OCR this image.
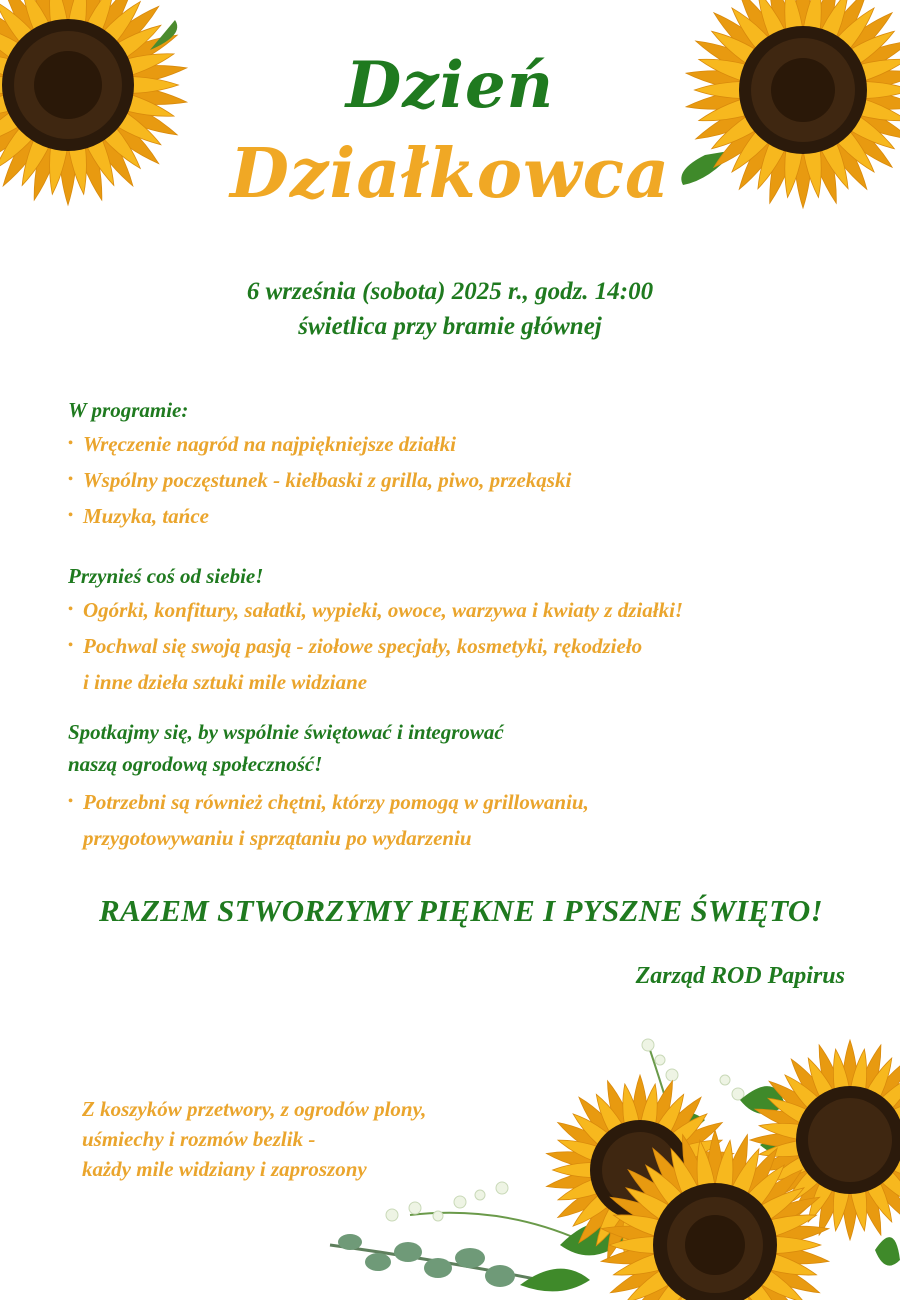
Dzień
Działkowca
6 września (sobota) 2025 r., godz. 14:00
świetlica przy bramie głównej
W programie:
• Wręczenie nagród na najpiękniejsze działki
• Wspólny poczęstunek - kiełbaski z grilla, piwo, przekąski
• Muzyka, tańce
Przynieś coś od siebie!
• Ogórki, konfitury, sałatki, wypieki, owoce, warzywa i kwiaty z działki!
• Pochwal się swoją pasją - ziołowe specjały, kosmetyki, rękodzieło
i inne dzieła sztuki mile widziane
Spotkajmy się, by wspólnie świętować i integrować
naszą ogrodową społeczność!
• Potrzebni są również chętni, którzy pomogą w grillowaniu,
przygotowywaniu i sprzątaniu po wydarzeniu
RAZEM STWORZYMY PIĘKNE I PYSZNE ŚWIĘTO!
Zarząd ROD Papirus
Z koszyków przetwory, z ogrodów plony,
uśmiechy i rozmów bezlik -
każdy mile widziany i zaproszony
